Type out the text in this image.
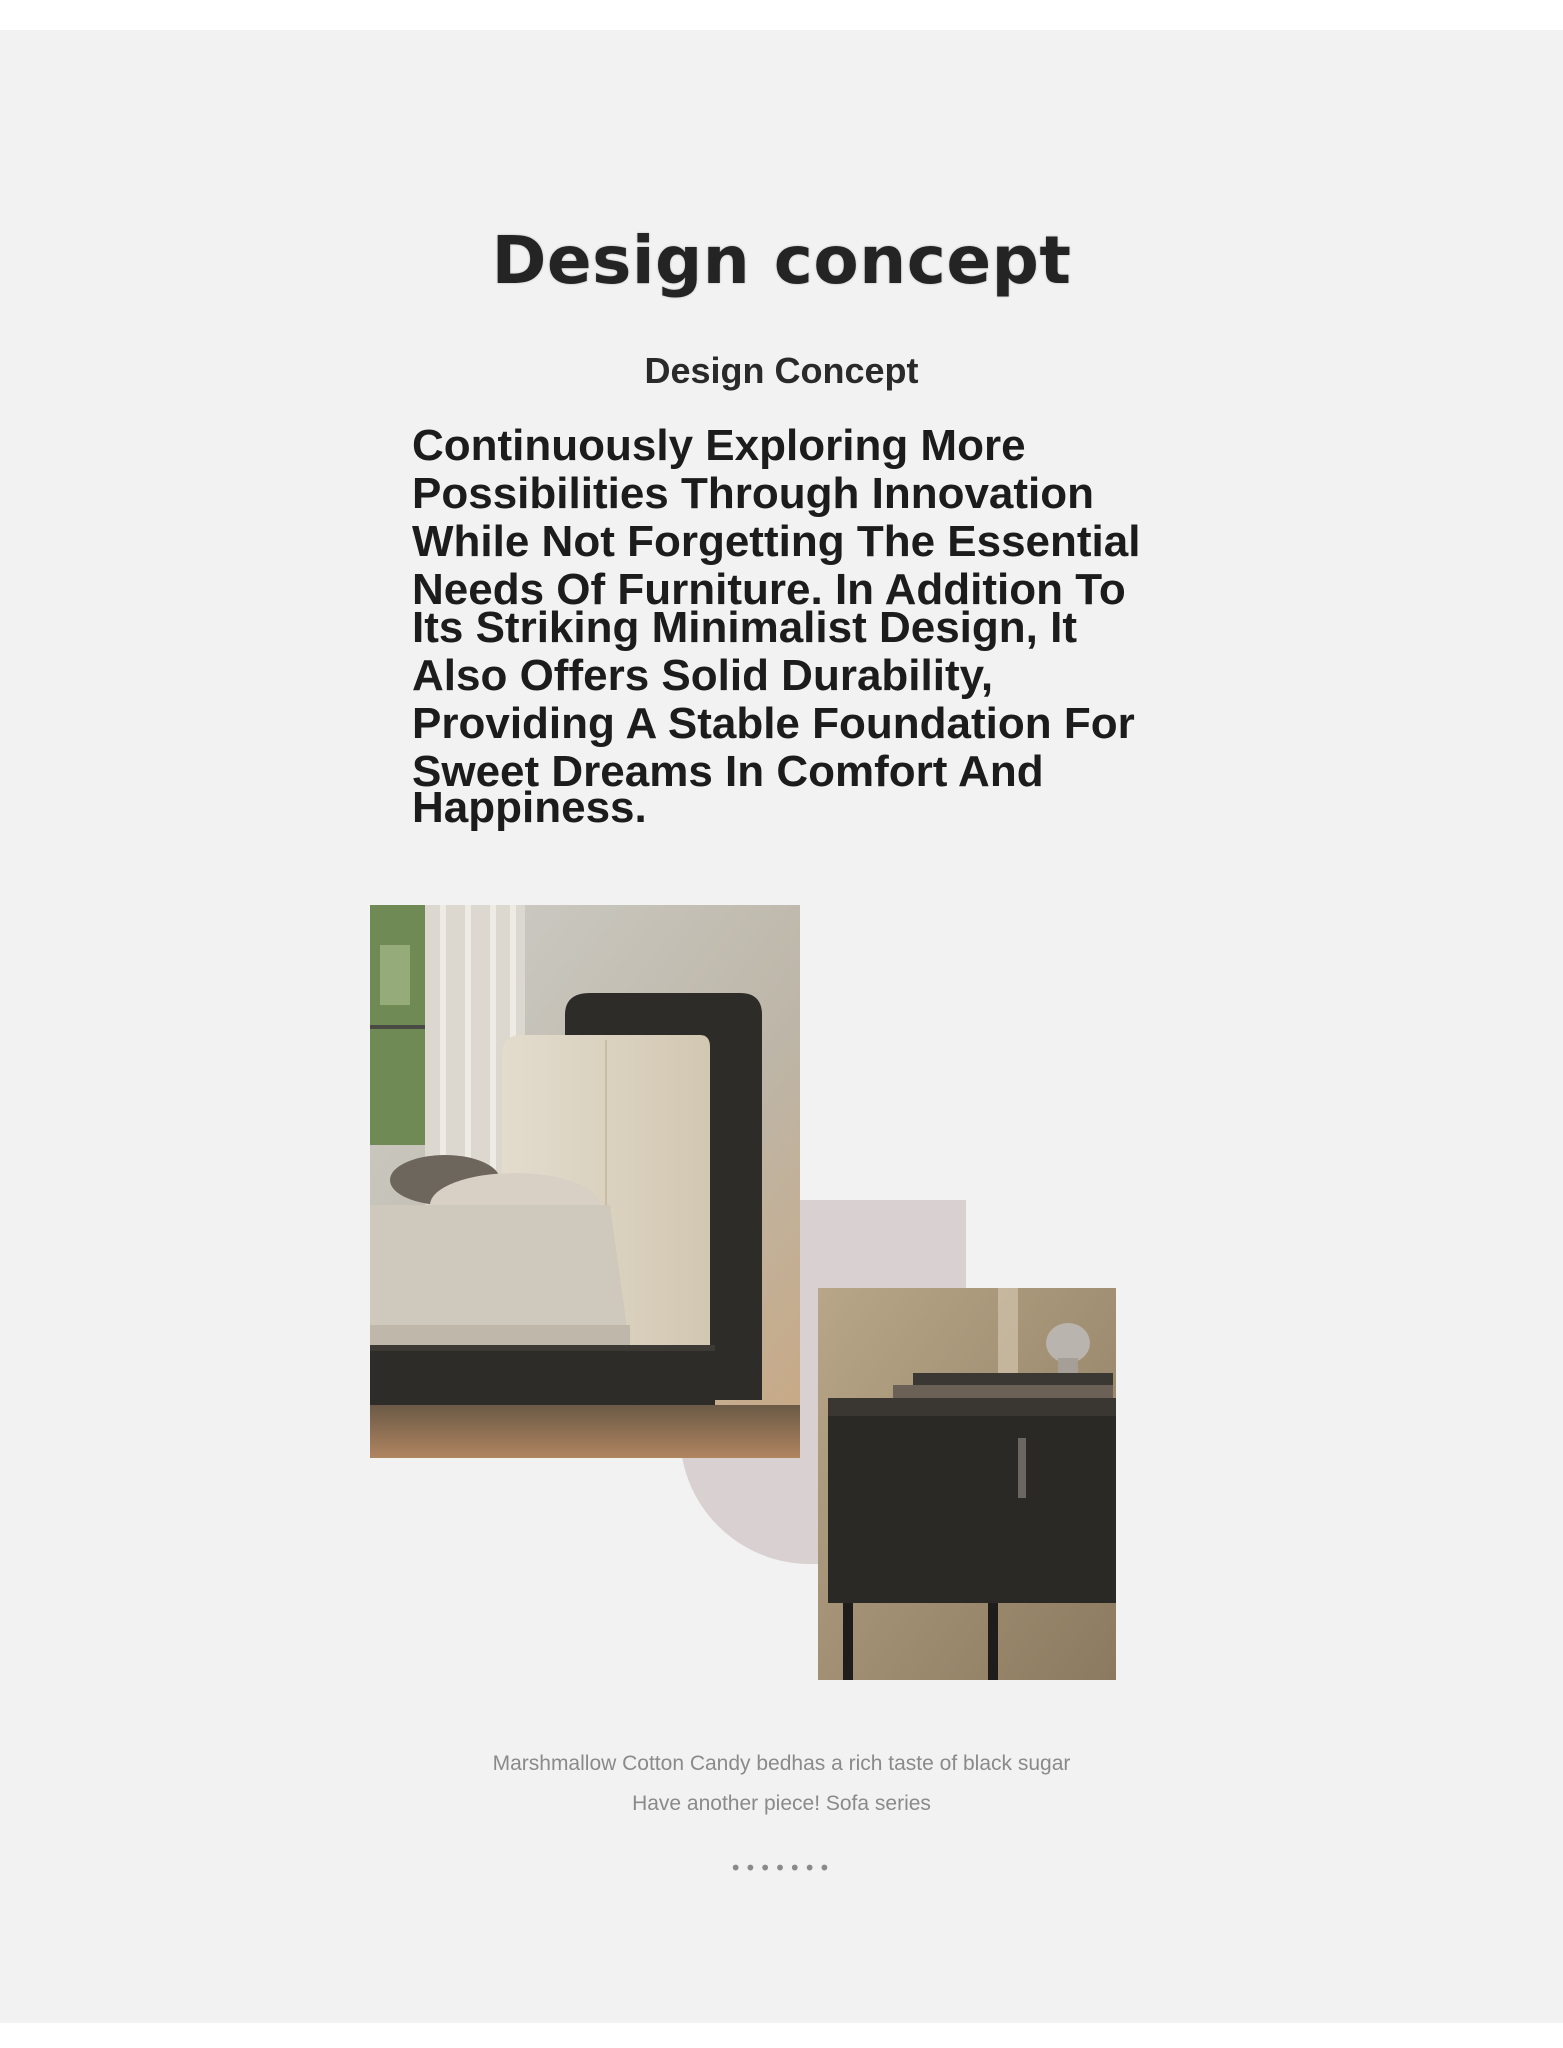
Design concept
Design Concept
Continuously Exploring More
Possibilities Through Innovation
While Not Forgetting The Essential
Needs Of Furniture. In Addition To
Its Striking Minimalist Design, It
Also Offers Solid Durability,
Providing A Stable Foundation For
Sweet Dreams In Comfort And
Happiness.
Marshmallow Cotton Candy bedhas a rich taste of black sugar
Have another piece! Sofa series
•••••••
